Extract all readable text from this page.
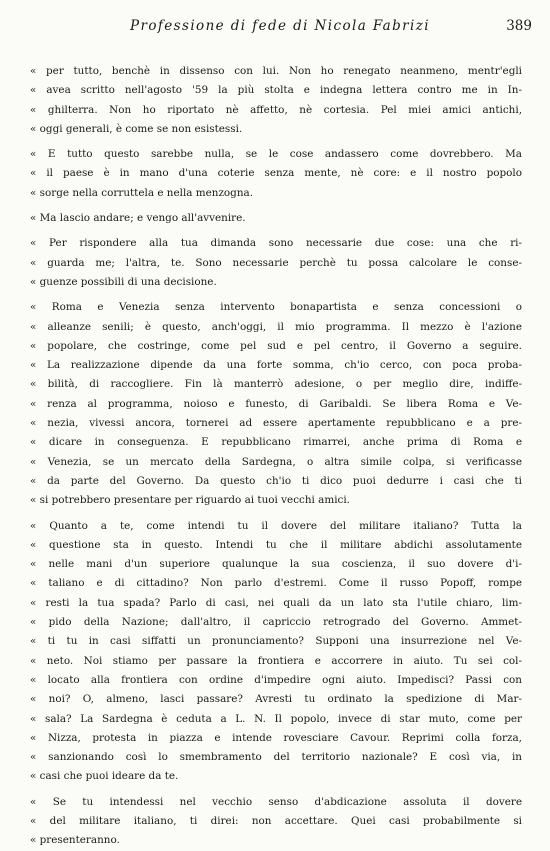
Professione di fede di Nicola Fabrizi	389
« per tutto, benchè in dissenso con lui. Non ho renegato neanmeno, mentr'egli
« avea scritto nell'agosto '59 la più stolta e indegna lettera contro me in In-
« ghilterra. Non ho riportato nè affetto, nè cortesia. Pel miei amici antichi,
« oggi generali, è come se non esistessi.
« E tutto questo sarebbe nulla, se le cose andassero come dovrebbero. Ma
« il paese è in mano d'una coterie senza mente, nè core: e il nostro popolo
« sorge nella corruttela e nella menzogna.
« Ma lascio andare; e vengo all'avvenire.
« Per rispondere alla tua dimanda sono necessarie due cose: una che ri-
« guarda me; l'altra, te. Sono necessarie perchè tu possa calcolare le conse-
« guenze possibili di una decisione.
« Roma e Venezia senza intervento bonapartista e senza concessioni o
« alleanze senili; è questo, anch'oggi, il mio programma. Il mezzo è l'azione
« popolare, che costringe, come pel sud e pel centro, il Governo a seguire.
« La realizzazione dipende da una forte somma, ch'io cerco, con poca proba-
« bilità, di raccogliere. Fin là manterrò adesione, o per meglio dire, indiffe-
« renza al programma, noioso e funesto, di Garibaldi. Se libera Roma e Ve-
« nezia, vivessi ancora, tornerei ad essere apertamente repubblicano e a pre-
« dicare in conseguenza. E repubblicano rimarrei, anche prima di Roma e
« Venezia, se un mercato della Sardegna, o altra simile colpa, si verificasse
« da parte del Governo. Da questo ch'io ti dico puoi dedurre i casi che ti
« si potrebbero presentare per riguardo ai tuoi vecchi amici.
« Quanto a te, come intendi tu il dovere del militare italiano? Tutta la
« questione sta in questo. Intendi tu che il militare abdichi assolutamente
« nelle mani d'un superiore qualunque la sua coscienza, il suo dovere d'i-
« taliano e di cittadino? Non parlo d'estremi. Come il russo Popoff, rompe
« resti la tua spada? Parlo di casi, nei quali da un lato sta l'utile chiaro, lim-
« pido della Nazione; dall'altro, il capriccio retrogrado del Governo. Ammet-
« ti tu in casi siffatti un pronunciamento? Supponi una insurrezione nel Ve-
« neto. Noi stiamo per passare la frontiera e accorrere in aiuto. Tu sei col-
« locato alla frontiera con ordine d'impedire ogni aiuto. Impedisci? Passi con
« noi? O, almeno, lasci passare? Avresti tu ordinato la spedizione di Mar-
« sala? La Sardegna è ceduta a L. N. Il popolo, invece di star muto, come per
« Nizza, protesta in piazza e intende rovesciare Cavour. Reprimi colla forza,
« sanzionando così lo smembramento del territorio nazionale? E così via, in
« casi che puoi ideare da te.
« Se tu intendessi nel vecchio senso d'abdicazione assoluta il dovere
« del militare italiano, ti direi: non accettare. Quei casi probabilmente si
« presenteranno.
